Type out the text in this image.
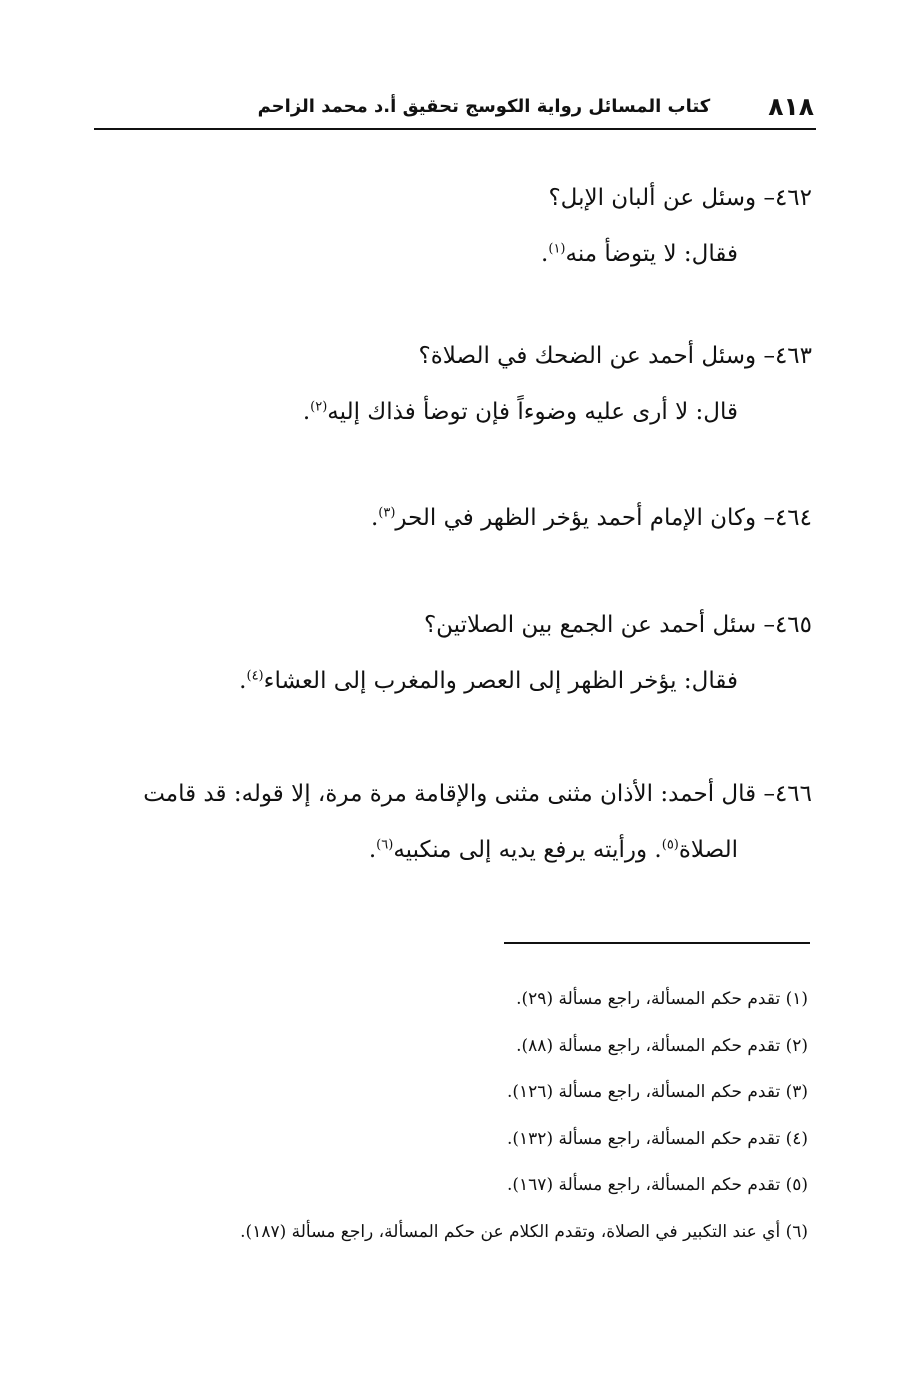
٨١٨
كتاب المسائل رواية الكوسج تحقيق أ.د محمد الزاحم
٤٦٢– وسئل عن ألبان الإبل؟
فقال: لا يتوضأ منه$^{(١)}$.
٤٦٣– وسئل أحمد عن الضحك في الصلاة؟
قال: لا أرى عليه وضوءاً فإن توضأ فذاك إليه$^{(٢)}$.
٤٦٤– وكان الإمام أحمد يؤخر الظهر في الحر$^{(٣)}$.
٤٦٥– سئل أحمد عن الجمع بين الصلاتين؟
فقال: يؤخر الظهر إلى العصر والمغرب إلى العشاء$^{(٤)}$.
٤٦٦– قال أحمد: الأذان مثنى مثنى والإقامة مرة مرة، إلا قوله: قد قامت
الصلاة$^{(٥)}$. ورأيته يرفع يديه إلى منكبيه$^{(٦)}$.
(١) تقدم حكم المسألة، راجع مسألة (٢٩).
(٢) تقدم حكم المسألة، راجع مسألة (٨٨).
(٣) تقدم حكم المسألة، راجع مسألة (١٢٦).
(٤) تقدم حكم المسألة، راجع مسألة (١٣٢).
(٥) تقدم حكم المسألة، راجع مسألة (١٦٧).
(٦) أي عند التكبير في الصلاة، وتقدم الكلام عن حكم المسألة، راجع مسألة (١٨٧).
